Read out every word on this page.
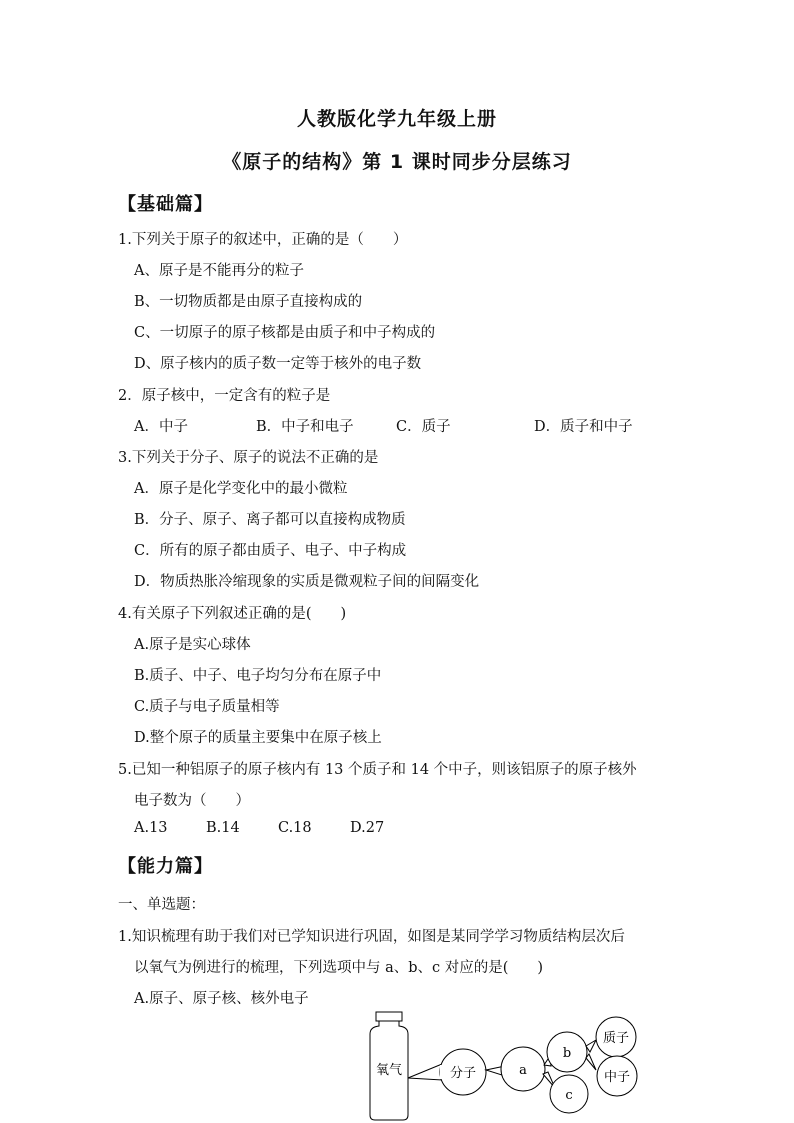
人教版化学九年级上册
《原子的结构》第 1 课时同步分层练习
【基础篇】
1.下列关于原子的叙述中，正确的是（　　）
A、原子是不能再分的粒子
B、一切物质都是由原子直接构成的
C、一切原子的原子核都是由质子和中子构成的
D、原子核内的质子数一定等于核外的电子数
2．原子核中，一定含有的粒子是
A．中子	B．中子和电子	C．质子	D．质子和中子
3.下列关于分子、原子的说法不正确的是
A．原子是化学变化中的最小微粒
B．分子、原子、离子都可以直接构成物质
C．所有的原子都由质子、电子、中子构成
D．物质热胀冷缩现象的实质是微观粒子间的间隔变化
4.有关原子下列叙述正确的是(　　)
A.原子是实心球体
B.质子、中子、电子均匀分布在原子中
C.质子与电子质量相等
D.整个原子的质量主要集中在原子核上
5.已知一种铝原子的原子核内有 13 个质子和 14 个中子，则该铝原子的原子核外
电子数为（　　）
A.13	B.14	C.18	D.27
【能力篇】
一、单选题：
1.知识梳理有助于我们对已学知识进行巩固，如图是某同学学习物质结构层次后
以氧气为例进行的梳理，下列选项中与 a、b、c 对应的是(　　)
A.原子、原子核、核外电子
氧气	分子	a
b
c
质子
中子
